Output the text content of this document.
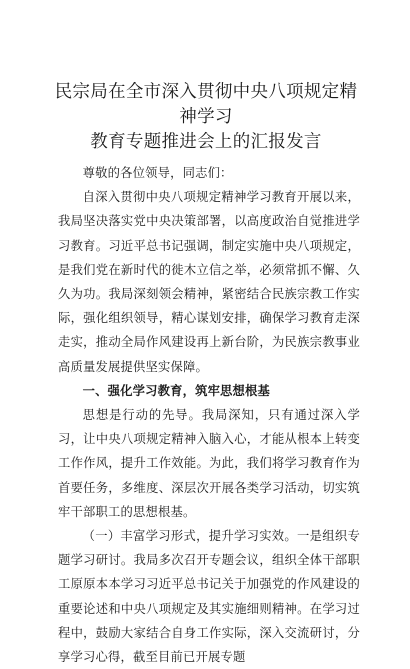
民宗局在全市深入贯彻中央八项规定精神学习
教育专题推进会上的汇报发言

尊敬的各位领导，同志们：

自深入贯彻中央八项规定精神学习教育开展以来，我局坚决落实党中央决策部署，以高度政治自觉推进学习教育。习近平总书记强调，制定实施中央八项规定，是我们党在新时代的徙木立信之举，必须常抓不懈、久久为功。我局深刻领会精神，紧密结合民族宗教工作实际，强化组织领导，精心谋划安排，确保学习教育走深走实，推动全局作风建设再上新台阶，为民族宗教事业高质量发展提供坚实保障。

一、强化学习教育，筑牢思想根基

思想是行动的先导。我局深知，只有通过深入学习，让中央八项规定精神入脑入心，才能从根本上转变工作作风，提升工作效能。为此，我们将学习教育作为首要任务，多维度、深层次开展各类学习活动，切实筑牢干部职工的思想根基。

（一）丰富学习形式，提升学习实效。一是组织专题学习研讨。我局多次召开专题会议，组织全体干部职工原原本本学习习近平总书记关于加强党的作风建设的重要论述和中央八项规定及其实施细则精神。在学习过程中，鼓励大家结合自身工作实际，深入交流研讨，分享学习心得，截至目前已开展专题
